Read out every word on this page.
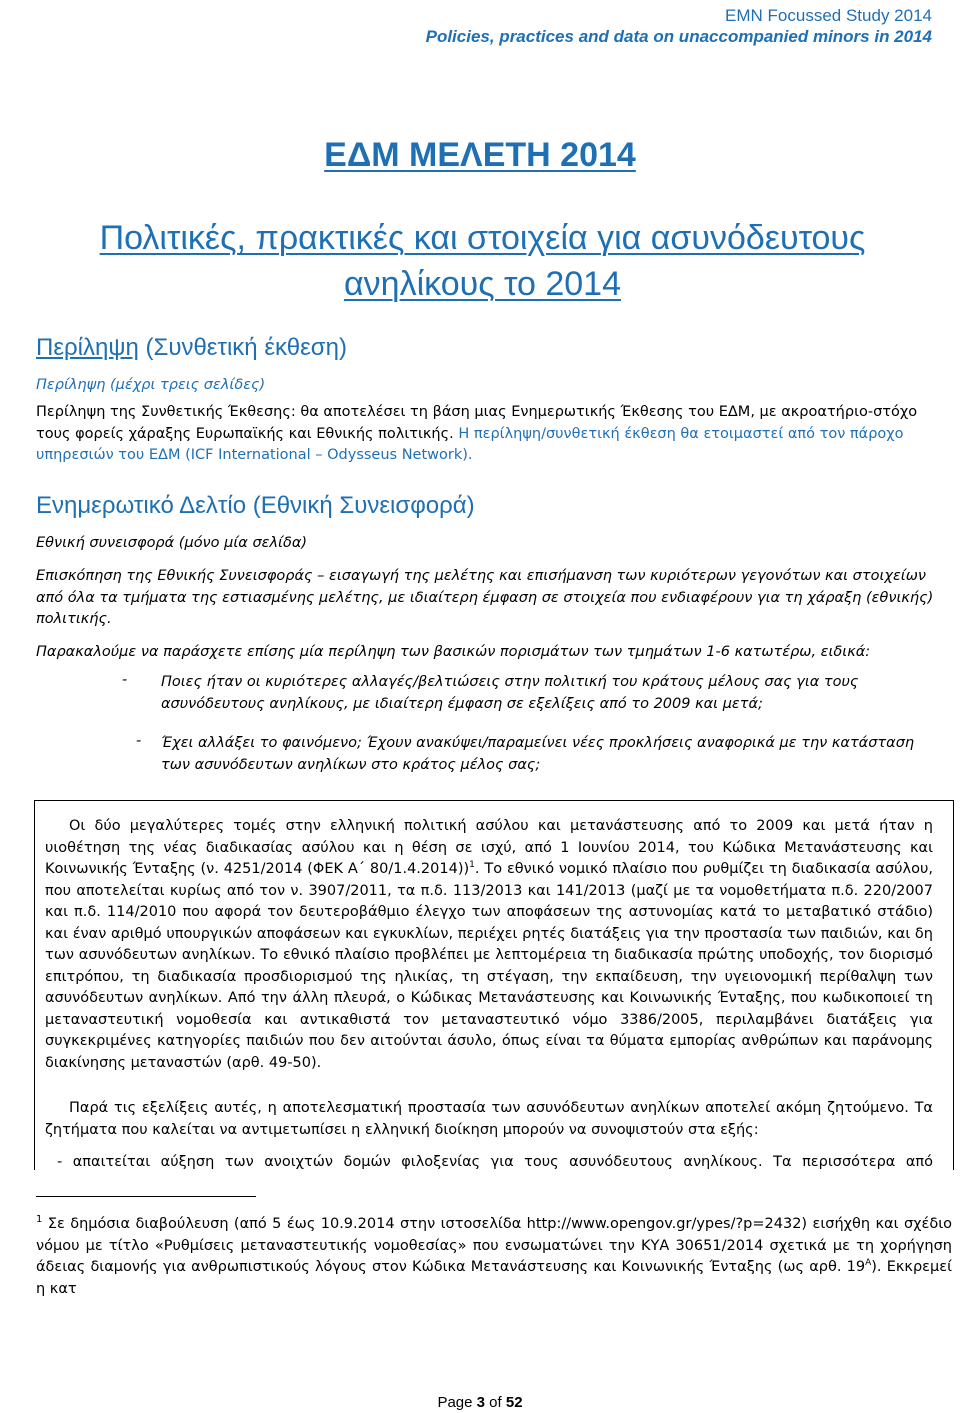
EMN Focussed Study 2014
Policies, practices and data on unaccompanied minors in 2014
ΕΔΜ ΜΕΛΕΤΗ 2014
Πολιτικές, πρακτικές και στοιχεία για ασυνόδευτους ανηλίκους το 2014
Περίληψη (Συνθετική έκθεση)
Περίληψη (μέχρι τρεις σελίδες)
Περίληψη της Συνθετικής Έκθεσης: θα αποτελέσει τη βάση μιας Ενημερωτικής Έκθεσης του ΕΔΜ, με ακροατήριο-στόχο τους φορείς χάραξης Ευρωπαϊκής και Εθνικής πολιτικής. Η περίληψη/συνθετική έκθεση θα ετοιμαστεί από τον πάροχο υπηρεσιών του ΕΔΜ (ICF International – Odysseus Network).
Ενημερωτικό Δελτίο (Εθνική Συνεισφορά)
Εθνική συνεισφορά (μόνο μία σελίδα)
Επισκόπηση της Εθνικής Συνεισφοράς – εισαγωγή της μελέτης και επισήμανση των κυριότερων γεγονότων και στοιχείων από όλα τα τμήματα της εστιασμένης μελέτης, με ιδιαίτερη έμφαση σε στοιχεία που ενδιαφέρουν για τη χάραξη (εθνικής) πολιτικής.
Παρακαλούμε να παράσχετε επίσης μία περίληψη των βασικών πορισμάτων των τμημάτων 1-6 κατωτέρω, ειδικά:
- Ποιες ήταν οι κυριότερες αλλαγές/βελτιώσεις στην πολιτική του κράτους μέλους σας για τους ασυνόδευτους ανηλίκους, με ιδιαίτερη έμφαση σε εξελίξεις από το 2009 και μετά;
- Έχει αλλάξει το φαινόμενο; Έχουν ανακύψει/παραμείνει νέες προκλήσεις αναφορικά με την κατάσταση των ασυνόδευτων ανηλίκων στο κράτος μέλος σας;
Οι δύο μεγαλύτερες τομές στην ελληνική πολιτική ασύλου και μετανάστευσης από το 2009 και μετά ήταν η υιοθέτηση της νέας διαδικασίας ασύλου και η θέση σε ισχύ, από 1 Ιουνίου 2014, του Κώδικα Μετανάστευσης και Κοινωνικής Ένταξης (ν. 4251/2014 (ΦΕΚ Α΄ 80/1.4.2014))$^1$. Το εθνικό νομικό πλαίσιο που ρυθμίζει τη διαδικασία ασύλου, που αποτελείται κυρίως από τον ν. 3907/2011, τα π.δ. 113/2013 και 141/2013 (μαζί με τα νομοθετήματα π.δ. 220/2007 και π.δ. 114/2010 που αφορά τον δευτεροβάθμιο έλεγχο των αποφάσεων της αστυνομίας κατά το μεταβατικό στάδιο) και έναν αριθμό υπουργικών αποφάσεων και εγκυκλίων, περιέχει ρητές διατάξεις για την προστασία των παιδιών, και δη των ασυνόδευτων ανηλίκων. Το εθνικό πλαίσιο προβλέπει με λεπτομέρεια τη διαδικασία πρώτης υποδοχής, τον διορισμό επιτρόπου, τη διαδικασία προσδιορισμού της ηλικίας, τη στέγαση, την εκπαίδευση, την υγειονομική περίθαλψη των ασυνόδευτων ανηλίκων. Από την άλλη πλευρά, ο Κώδικας Μετανάστευσης και Κοινωνικής Ένταξης, που κωδικοποιεί τη μεταναστευτική νομοθεσία και αντικαθιστά τον μεταναστευτικό νόμο 3386/2005, περιλαμβάνει διατάξεις για συγκεκριμένες κατηγορίες παιδιών που δεν αιτούνται άσυλο, όπως είναι τα θύματα εμπορίας ανθρώπων και παράνομης διακίνησης μεταναστών (αρθ. 49-50).
Παρά τις εξελίξεις αυτές, η αποτελεσματική προστασία των ασυνόδευτων ανηλίκων αποτελεί ακόμη ζητούμενο. Τα ζητήματα που καλείται να αντιμετωπίσει η ελληνική διοίκηση μπορούν να συνοψιστούν στα εξής:
- απαιτείται αύξηση των ανοιχτών δομών φιλοξενίας για τους ασυνόδευτους ανηλίκους. Τα περισσότερα από
$^1$ Σε δημόσια διαβούλευση (από 5 έως 10.9.2014 στην ιστοσελίδα http://www.opengov.gr/ypes/?p=2432) εισήχθη και σχέδιο νόμου με τίτλο «Ρυθμίσεις μεταναστευτικής νομοθεσίας» που ενσωματώνει την ΚΥΑ 30651/2014 σχετικά με τη χορήγηση άδειας διαμονής για ανθρωπιστικούς λόγους στον Κώδικα Μετανάστευσης και Κοινωνικής Ένταξης (ως αρθ. $19^A$). Εκκρεμεί η κατ
Page 3 of 52
